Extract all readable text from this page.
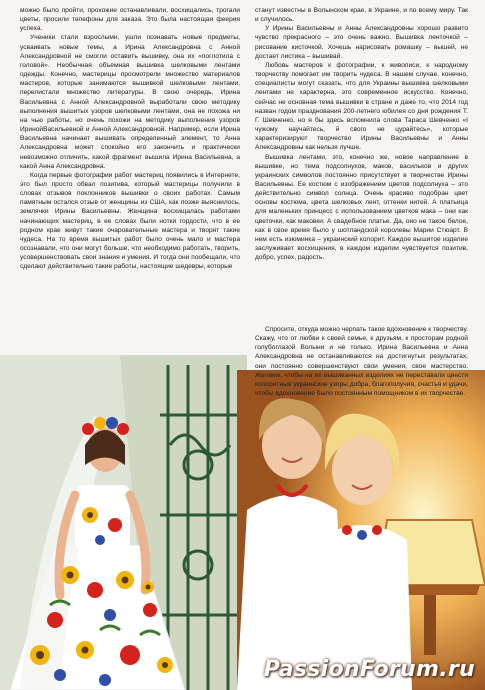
можно было пройти, прохожие останавливали, восхищались, трогали цветы, просили телефоны для заказа. Это была настоящая феерия успеха.

Ученики стали взрослыми, ушли познавать новые предметы, усваивать новые темы, а Ирина Александровна с Анной Александровной не смогли оставить вышивку, она их «поглотила с головой». Необычная объемная вышивка шелковыми лентами одежды. Конечно, мастерицы просмотрели множество материалов мастеров, которые занимаются вышивкой шелковыми лентами, перелистали множество литературы. В свою очередь, Ирина Васильевна с Анной Александровной выработали свою методику выполнения вышитых узоров шелковыми лентами, она не похожа ни на чью работы, но очень похожи на методику выполнения узоров ИринойВасильевной и Анной Александровной. Например, если Ирина Васильевна начинает вышивать определенный элемент, то Анна Александровна может спокойно его закончить и практически невозможно отличить, какой фрагмент вышила Ирина Васильевна, а какой Анна Александровна.

Когда первые фотографии работ мастериц появились в Интернете, это был просто обвал позитива, который мастерицы получили в словах отзывов поклонников вышивки о своих работах. Самым памятным остался отзыв от женщины из США, как позже выяснилось, землячки Ирины Васильевны. Женщина восхищалась работами начинающих мастериц, в ее словах были нотки гордости, что в ее родном крае живут такие очаровательные мастера и творят такие чудеса. На то время вышитых работ было очень мало и мастера осознавали, что они могут больше, что необходимо работать, творить, усовершенствовать свои знания и умения. И тогда они пообещали, что сделают действительно такие работы, настоящие шедевры, которые

станут известны в Волынском крае, в Украине, и по всему миру. Так и случилось.

У Ирины Васильевны и Анны Александровны хорошо развито чувство прекрасного – это очень важно. Вышивка ленточкой – рисование кисточкой. Хочешь нарисовать ромашку – вышей, не достает листика – вышивай.

Любовь мастеров к фотографии, к живописи, к народному творчеству помогает им творить чудеса. В нашем случае, конечно, специалисты могут сказать, что для Украины вышивка шелковыми лентами не характерна, это современное искусство. Конечно, сейчас не основная тема вышивки в стране и даже то, что 2014 год назван годом празднования 200-летнего юбилея со дня рождения Т. Г. Шевченко, но я бы здесь вспомнила слова Тараса Шевченко «І чужому научайтесь, й свого не цурайтесь», которые характеризируют творчество Ирины Васильевны и Анны Александровны как нельзя лучше.

Вышивка лентами, это, конечно же, новое направление в вышивке, но тема подсолнухов, маков, васильков и других украинских символов постоянно присутствует в творчестве Ирины Васильевны. Ее костюм с изображением цветов подсолнуха – это действительно символ солнца. Очень красиво подобран цвет основы костюма, цвета шелковых лент, оттенки нитей. А платьица для маленьких принцесс с использованием цветков мака – они как цветочки, как маковки. А свадебное платье. Да, оно не такое белое, как в свое время было у шотландской королевы Марии Стюарт. В нем есть изюминка – украинский колорит. Каждое вышитое изделие заслуживает восхищения, в каждом изделии чувствуется позитив, добро, успех, радость.

Спросите, откуда можно черпать такое вдохновение к творчеству. Скажу, что от любви к своей семье, к друзьям, к просторам родной голубоглазой Волыни и не только. Ирина Васильевна и Анна Александровна не останавливаются на достигнутых результатах, они постоянно совершенствуют свои умения, свое мастерство. Желаем, чтобы на их вышиванных изделиях не переставали цвести колоритные украинские узоры добра, благополучия, счастья и удачи, чтобы вдохновение было постоянным помощником в их творчестве.
PassionForum.ru
